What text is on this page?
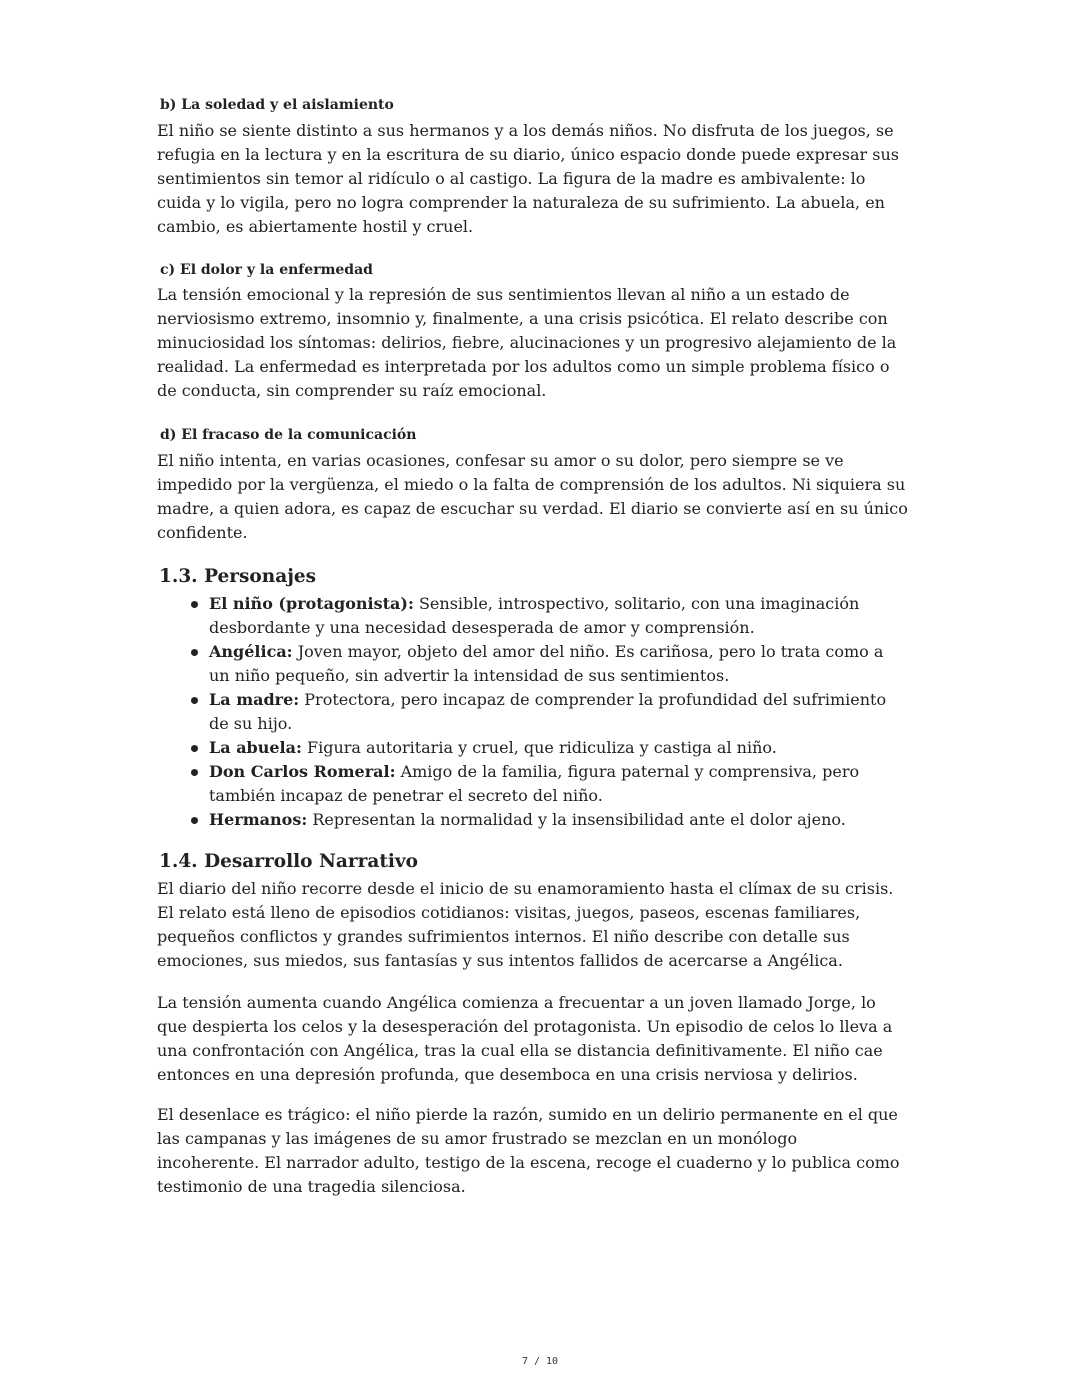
b) La soledad y el aislamiento
El niño se siente distinto a sus hermanos y a los demás niños. No disfruta de los juegos, se
refugia en la lectura y en la escritura de su diario, único espacio donde puede expresar sus
sentimientos sin temor al ridículo o al castigo. La figura de la madre es ambivalente: lo
cuida y lo vigila, pero no logra comprender la naturaleza de su sufrimiento. La abuela, en
cambio, es abiertamente hostil y cruel.
c) El dolor y la enfermedad
La tensión emocional y la represión de sus sentimientos llevan al niño a un estado de
nerviosismo extremo, insomnio y, finalmente, a una crisis psicótica. El relato describe con
minuciosidad los síntomas: delirios, fiebre, alucinaciones y un progresivo alejamiento de la
realidad. La enfermedad es interpretada por los adultos como un simple problema físico o
de conducta, sin comprender su raíz emocional.
d) El fracaso de la comunicación
El niño intenta, en varias ocasiones, confesar su amor o su dolor, pero siempre se ve
impedido por la vergüenza, el miedo o la falta de comprensión de los adultos. Ni siquiera su
madre, a quien adora, es capaz de escuchar su verdad. El diario se convierte así en su único
confidente.
1.3. Personajes
El niño (protagonista): Sensible, introspectivo, solitario, con una imaginación
desbordante y una necesidad desesperada de amor y comprensión.
Angélica: Joven mayor, objeto del amor del niño. Es cariñosa, pero lo trata como a
un niño pequeño, sin advertir la intensidad de sus sentimientos.
La madre: Protectora, pero incapaz de comprender la profundidad del sufrimiento
de su hijo.
La abuela: Figura autoritaria y cruel, que ridiculiza y castiga al niño.
Don Carlos Romeral: Amigo de la familia, figura paternal y comprensiva, pero
también incapaz de penetrar el secreto del niño.
Hermanos: Representan la normalidad y la insensibilidad ante el dolor ajeno.
1.4. Desarrollo Narrativo
El diario del niño recorre desde el inicio de su enamoramiento hasta el clímax de su crisis.
El relato está lleno de episodios cotidianos: visitas, juegos, paseos, escenas familiares,
pequeños conflictos y grandes sufrimientos internos. El niño describe con detalle sus
emociones, sus miedos, sus fantasías y sus intentos fallidos de acercarse a Angélica.
La tensión aumenta cuando Angélica comienza a frecuentar a un joven llamado Jorge, lo
que despierta los celos y la desesperación del protagonista. Un episodio de celos lo lleva a
una confrontación con Angélica, tras la cual ella se distancia definitivamente. El niño cae
entonces en una depresión profunda, que desemboca en una crisis nerviosa y delirios.
El desenlace es trágico: el niño pierde la razón, sumido en un delirio permanente en el que
las campanas y las imágenes de su amor frustrado se mezclan en un monólogo
incoherente. El narrador adulto, testigo de la escena, recoge el cuaderno y lo publica como
testimonio de una tragedia silenciosa.
7 / 10
